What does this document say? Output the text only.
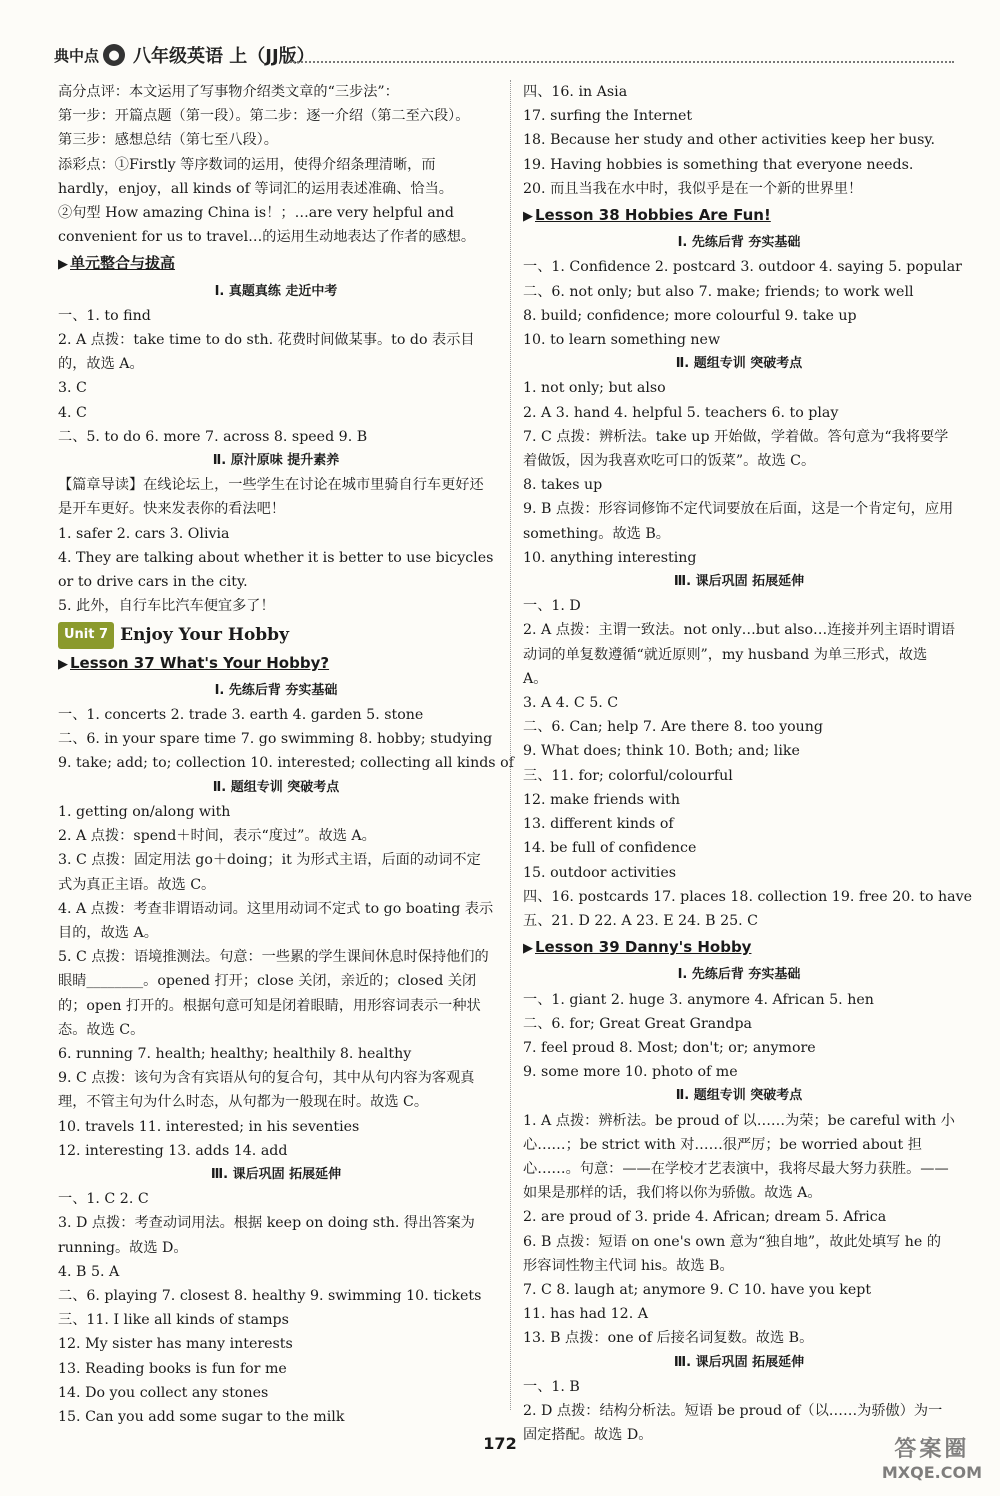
典中点 ● 八年级英语 上（JJ版）
高分点评：本文运用了写事物介绍类文章的“三步法”：
第一步：开篇点题（第一段）。第二步：逐一介绍（第二至六段）。
第三步：感想总结（第七至八段）。
添彩点：①Firstly 等序数词的运用，使得介绍条理清晰，而 hardly，enjoy，all kinds of 等词汇的运用表述准确、恰当。
②句型 How amazing China is！；…are very helpful and convenient for us to travel…的运用生动地表达了作者的感想。
▶ 单元整合与拔高
Ⅰ. 真题真练 走近中考
一、1. to find
2. A 点拨：take time to do sth. 花费时间做某事。to do 表示目的，故选 A。
3. C
4. C
二、5. to do 6. more 7. across 8. speed 9. B
Ⅱ. 原汁原味 提升素养
【篇章导读】在线论坛上，一些学生在讨论在城市里骑自行车更好还是开车更好。快来发表你的看法吧！
1. safer 2. cars 3. Olivia
4. They are talking about whether it is better to use bicycles or to drive cars in the city.
5. 此外，自行车比汽车便宜多了！
Unit 7 Enjoy Your Hobby
▶ Lesson 37 What's Your Hobby?
Ⅰ. 先练后背 夯实基础
一、1. concerts 2. trade 3. earth 4. garden 5. stone
二、6. in your spare time 7. go swimming 8. hobby; studying
9. take; add; to; collection 10. interested; collecting all kinds of
Ⅱ. 题组专训 突破考点
1. getting on/along with
2. A 点拨：spend＋时间，表示“度过”。故选 A。
3. C 点拨：固定用法 go＋doing；it 为形式主语，后面的动词不定式为真正主语。故选 C。
4. A 点拨：考查非谓语动词。这里用动词不定式 to go boating 表示目的，故选 A。
5. C 点拨：语境推测法。句意：一些累的学生课间休息时保持他们的眼睛________。opened 打开；close 关闭，亲近的；closed 关闭的；open 打开的。根据句意可知是闭着眼睛，用形容词表示一种状态。故选 C。
6. running 7. health; healthy; healthily 8. healthy
9. C 点拨：该句为含有宾语从句的复合句，其中从句内容为客观真理，不管主句为什么时态，从句都为一般现在时。故选 C。
10. travels 11. interested; in his seventies
12. interesting 13. adds 14. add
Ⅲ. 课后巩固 拓展延伸
一、1. C 2. C
3. D 点拨：考查动词用法。根据 keep on doing sth. 得出答案为 running。故选 D。
4. B 5. A
二、6. playing 7. closest 8. healthy 9. swimming 10. tickets
三、11. I like all kinds of stamps
12. My sister has many interests
13. Reading books is fun for me
14. Do you collect any stones
15. Can you add some sugar to the milk
四、16. in Asia
17. surfing the Internet
18. Because her study and other activities keep her busy.
19. Having hobbies is something that everyone needs.
20. 而且当我在水中时，我似乎是在一个新的世界里！
▶ Lesson 38 Hobbies Are Fun!
Ⅰ. 先练后背 夯实基础
一、1. Confidence 2. postcard 3. outdoor 4. saying 5. popular
二、6. not only; but also 7. make; friends; to work well
8. build; confidence; more colourful 9. take up
10. to learn something new
Ⅱ. 题组专训 突破考点
1. not only; but also
2. A 3. hand 4. helpful 5. teachers 6. to play
7. C 点拨：辨析法。take up 开始做，学着做。答句意为“我将要学着做饭，因为我喜欢吃可口的饭菜”。故选 C。
8. takes up
9. B 点拨：形容词修饰不定代词要放在后面，这是一个肯定句，应用 something。故选 B。
10. anything interesting
Ⅲ. 课后巩固 拓展延伸
一、1. D
2. A 点拨：主谓一致法。not only…but also…连接并列主语时谓语动词的单复数遵循“就近原则”，my husband 为单三形式，故选 A。
3. A 4. C 5. C
二、6. Can; help 7. Are there 8. too young
9. What does; think 10. Both; and; like
三、11. for; colorful/colourful
12. make friends with
13. different kinds of
14. be full of confidence
15. outdoor activities
四、16. postcards 17. places 18. collection 19. free 20. to have
五、21. D 22. A 23. E 24. B 25. C
▶ Lesson 39 Danny's Hobby
Ⅰ. 先练后背 夯实基础
一、1. giant 2. huge 3. anymore 4. African 5. hen
二、6. for; Great Great Grandpa
7. feel proud 8. Most; don't; or; anymore
9. some more 10. photo of me
Ⅱ. 题组专训 突破考点
1. A 点拨：辨析法。be proud of 以……为荣；be careful with 小心……；be strict with 对……很严厉；be worried about 担心……。句意：——在学校才艺表演中，我将尽最大努力获胜。——如果是那样的话，我们将以你为骄傲。故选 A。
2. are proud of 3. pride 4. African; dream 5. Africa
6. B 点拨：短语 on one's own 意为“独自地”，故此处填写 he 的形容词性物主代词 his。故选 B。
7. C 8. laugh at; anymore 9. C 10. have you kept
11. has had 12. A
13. B 点拨：one of 后接名词复数。故选 B。
Ⅲ. 课后巩固 拓展延伸
一、1. B
2. D 点拨：结构分析法。短语 be proud of（以……为骄傲）为一固定搭配。故选 D。
172	答案圈
MXQE.COM
